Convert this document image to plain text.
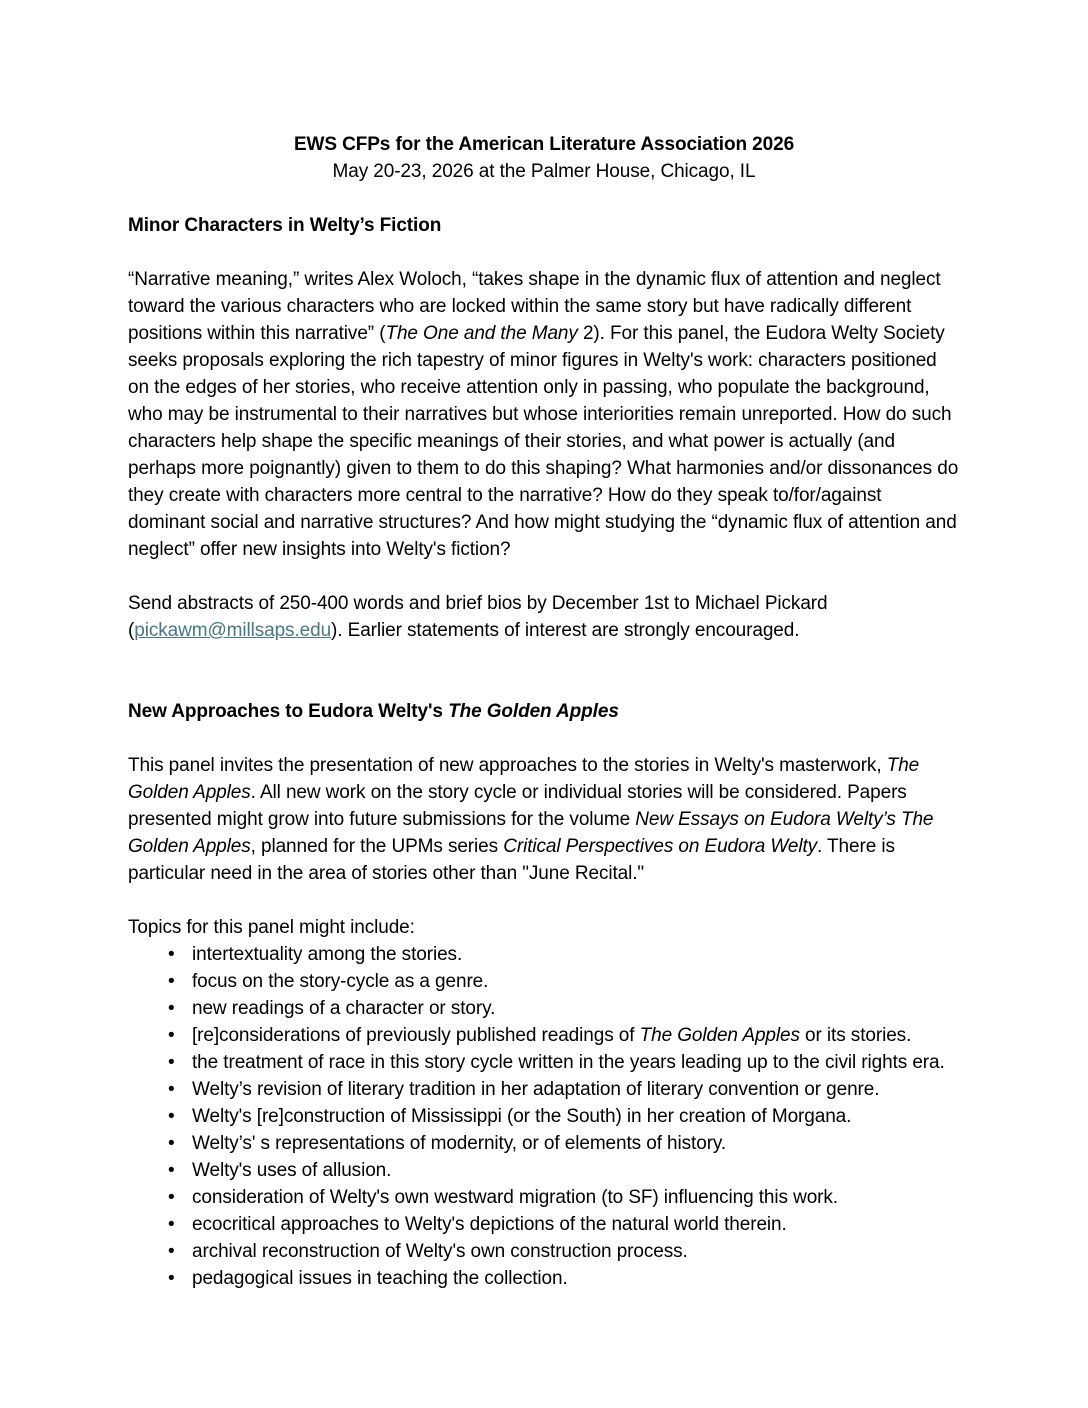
EWS CFPs for the American Literature Association 2026

May 20-23, 2026 at the Palmer House, Chicago, IL

Minor Characters in Welty’s Fiction

“Narrative meaning,” writes Alex Woloch, “takes shape in the dynamic flux of attention and neglect toward the various characters who are locked within the same story but have radically different positions within this narrative” (The One and the Many 2). For this panel, the Eudora Welty Society seeks proposals exploring the rich tapestry of minor figures in Welty's work: characters positioned on the edges of her stories, who receive attention only in passing, who populate the background, who may be instrumental to their narratives but whose interiorities remain unreported. How do such characters help shape the specific meanings of their stories, and what power is actually (and perhaps more poignantly) given to them to do this shaping? What harmonies and/or dissonances do they create with characters more central to the narrative? How do they speak to/for/against dominant social and narrative structures? And how might studying the “dynamic flux of attention and neglect” offer new insights into Welty's fiction?

Send abstracts of 250-400 words and brief bios by December 1st to Michael Pickard (pickawm@millsaps.edu). Earlier statements of interest are strongly encouraged.

New Approaches to Eudora Welty's The Golden Apples

This panel invites the presentation of new approaches to the stories in Welty's masterwork, The Golden Apples. All new work on the story cycle or individual stories will be considered. Papers presented might grow into future submissions for the volume New Essays on Eudora Welty’s The Golden Apples, planned for the UPMs series Critical Perspectives on Eudora Welty. There is particular need in the area of stories other than "June Recital."

Topics for this panel might include:

• intertextuality among the stories.
• focus on the story-cycle as a genre.
• new readings of a character or story.
• [re]considerations of previously published readings of The Golden Apples or its stories.
• the treatment of race in this story cycle written in the years leading up to the civil rights era.
• Welty’s revision of literary tradition in her adaptation of literary convention or genre.
• Welty's [re]construction of Mississippi (or the South) in her creation of Morgana.
• Welty’s' s representations of modernity, or of elements of history.
• Welty's uses of allusion.
• consideration of Welty's own westward migration (to SF) influencing this work.
• ecocritical approaches to Welty's depictions of the natural world therein.
• archival reconstruction of Welty's own construction process.
• pedagogical issues in teaching the collection.
